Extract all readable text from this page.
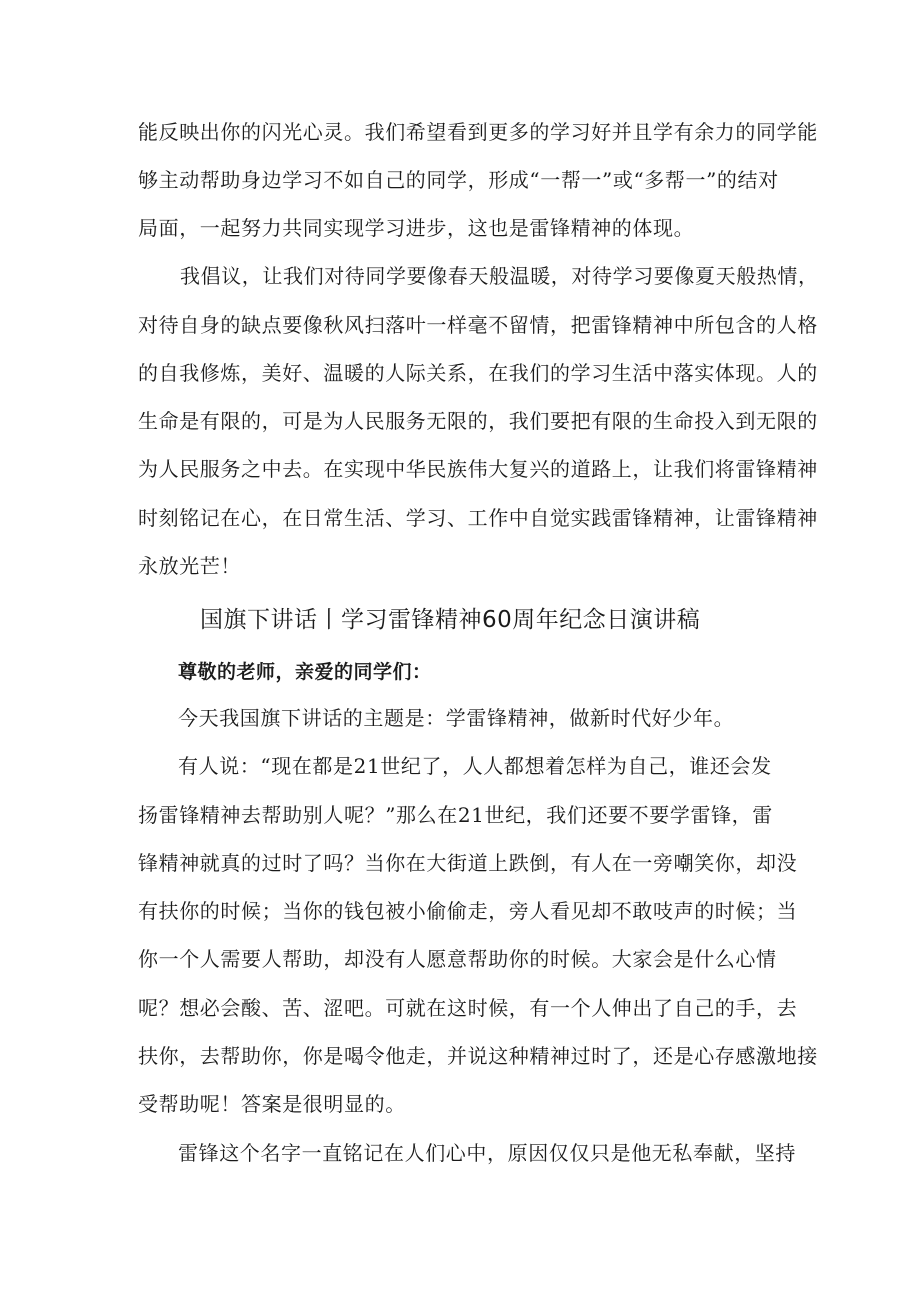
能反映出你的闪光心灵。我们希望看到更多的学习好并且学有余力的同学能
够主动帮助身边学习不如自己的同学，形成“一帮一”或“多帮一”的结对
局面，一起努力共同实现学习进步，这也是雷锋精神的体现。
我倡议，让我们对待同学要像春天般温暖，对待学习要像夏天般热情，
对待自身的缺点要像秋风扫落叶一样毫不留情，把雷锋精神中所包含的人格
的自我修炼，美好、温暖的人际关系，在我们的学习生活中落实体现。人的
生命是有限的，可是为人民服务无限的，我们要把有限的生命投入到无限的
为人民服务之中去。在实现中华民族伟大复兴的道路上，让我们将雷锋精神
时刻铭记在心，在日常生活、学习、工作中自觉实践雷锋精神，让雷锋精神
永放光芒！
国旗下讲话丨学习雷锋精神60周年纪念日演讲稿
尊敬的老师，亲爱的同学们：
今天我国旗下讲话的主题是：学雷锋精神，做新时代好少年。
有人说：“现在都是21世纪了，人人都想着怎样为自己，谁还会发
扬雷锋精神去帮助别人呢？”那么在21世纪，我们还要不要学雷锋，雷
锋精神就真的过时了吗？当你在大街道上跌倒，有人在一旁嘲笑你，却没
有扶你的时候；当你的钱包被小偷偷走，旁人看见却不敢吱声的时候；当
你一个人需要人帮助，却没有人愿意帮助你的时候。大家会是什么心情
呢？想必会酸、苦、涩吧。可就在这时候，有一个人伸出了自己的手，去
扶你，去帮助你，你是喝令他走，并说这种精神过时了，还是心存感激地接
受帮助呢！答案是很明显的。
雷锋这个名字一直铭记在人们心中，原因仅仅只是他无私奉献，坚持
